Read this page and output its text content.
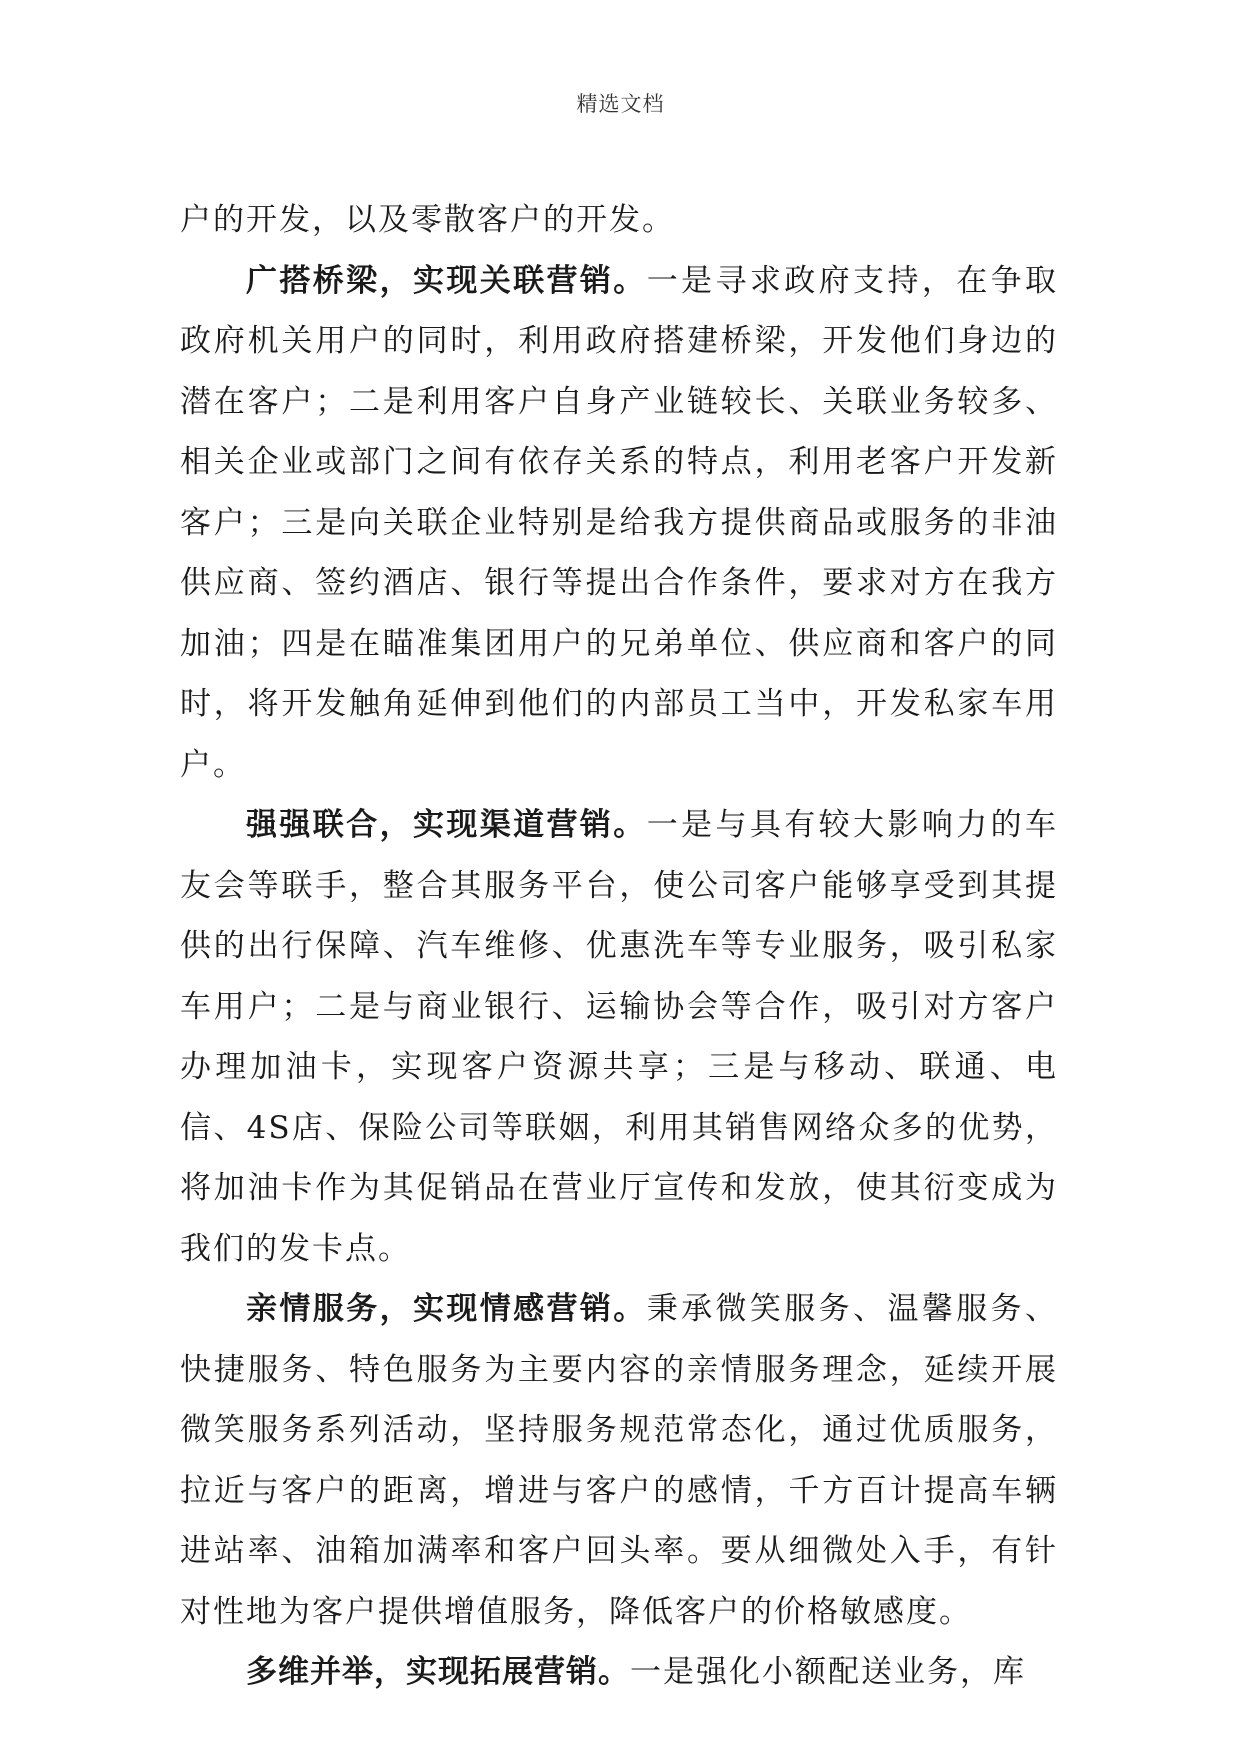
精选文档

户的开发，以及零散客户的开发。

广搭桥梁，实现关联营销。一是寻求政府支持，在争取政府机关用户的同时，利用政府搭建桥梁，开发他们身边的潜在客户；二是利用客户自身产业链较长、关联业务较多、相关企业或部门之间有依存关系的特点，利用老客户开发新客户；三是向关联企业特别是给我方提供商品或服务的非油供应商、签约酒店、银行等提出合作条件，要求对方在我方加油；四是在瞄准集团用户的兄弟单位、供应商和客户的同时，将开发触角延伸到他们的内部员工当中，开发私家车用户。

强强联合，实现渠道营销。一是与具有较大影响力的车友会等联手，整合其服务平台，使公司客户能够享受到其提供的出行保障、汽车维修、优惠洗车等专业服务，吸引私家车用户；二是与商业银行、运输协会等合作，吸引对方客户办理加油卡，实现客户资源共享；三是与移动、联通、电信、4S店、保险公司等联姻，利用其销售网络众多的优势，将加油卡作为其促销品在营业厅宣传和发放，使其衍变成为我们的发卡点。

亲情服务，实现情感营销。秉承微笑服务、温馨服务、快捷服务、特色服务为主要内容的亲情服务理念，延续开展微笑服务系列活动，坚持服务规范常态化，通过优质服务，拉近与客户的距离，增进与客户的感情，千方百计提高车辆进站率、油箱加满率和客户回头率。要从细微处入手，有针对性地为客户提供增值服务，降低客户的价格敏感度。

多维并举，实现拓展营销。一是强化小额配送业务，库
